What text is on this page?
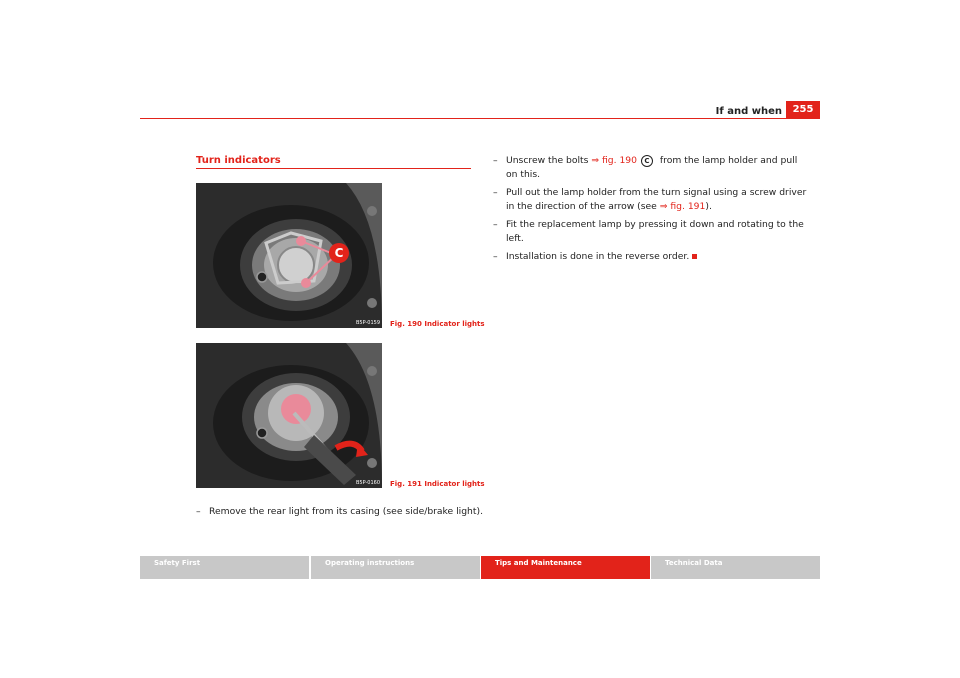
If and when	255
Turn indicators
C
B5P-0159 Fig. 190 Indicator lights
B5P-0160 Fig. 191 Indicator lights
– Remove the rear light from its casing (see side/brake light).
– Unscrew the bolts ⇒ fig. 190 C from the lamp holder and pull
on this.
– Pull out the lamp holder from the turn signal using a screw driver
in the direction of the arrow (see ⇒ fig. 191).
– Fit the replacement lamp by pressing it down and rotating to the
left.
– Installation is done in the reverse order.
Safety First	Operating instructions	Tips and Maintenance	Technical Data
